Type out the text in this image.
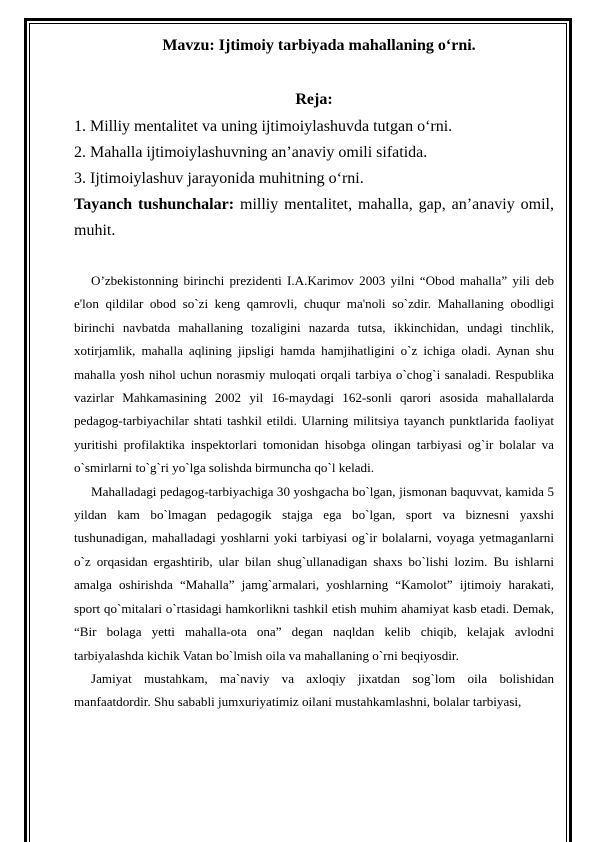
Mavzu: Ijtimoiy tarbiyada mahallaning o‘rni.

Reja:

1. Milliy mentalitet va uning ijtimoiylashuvda tutgan o‘rni.
2. Mahalla ijtimoiylashuvning an’anaviy omili sifatida.
3. Ijtimoiylashuv jarayonida muhitning o‘rni.

Tayanch tushunchalar: milliy mentalitet, mahalla, gap, an’anaviy omil, muhit.

O’zbekistonning birinchi prezidenti I.A.Karimov 2003 yilni “Obod mahalla” yili deb e'lon qildilar obod so`zi keng qamrovli, chuqur ma'noli so`zdir. Mahallaning obodligi birinchi navbatda mahallaning tozaligini nazarda tutsa, ikkinchidan, undagi tinchlik, xotirjamlik, mahalla aqlining jipsligi hamda hamjihatligini o`z ichiga oladi. Aynan shu mahalla yosh nihol uchun norasmiy muloqati orqali tarbiya o`chog`i sanaladi. Respublika vazirlar Mahkamasining 2002 yil 16-maydagi 162-sonli qarori asosida mahallalarda pedagog-tarbiyachilar shtati tashkil etildi. Ularning militsiya tayanch punktlarida faoliyat yuritishi profilaktika inspektorlari tomonidan hisobga olingan tarbiyasi og`ir bolalar va o`smirlarni to`g`ri yo`lga solishda birmuncha qo`l keladi.

Mahalladagi pedagog-tarbiyachiga 30 yoshgacha bo`lgan, jismonan baquvvat, kamida 5 yildan kam bo`lmagan pedagogik stajga ega bo`lgan, sport va biznesni yaxshi tushunadigan, mahalladagi yoshlarni yoki tarbiyasi og`ir bolalarni, voyaga yetmaganlarni o`z orqasidan ergashtirib, ular bilan shug`ullanadigan shaxs bo`lishi lozim. Bu ishlarni amalga oshirishda “Mahalla” jamg`armalari, yoshlarning “Kamolot” ijtimoiy harakati, sport qo`mitalari o`rtasidagi hamkorlikni tashkil etish muhim ahamiyat kasb etadi. Demak, “Bir bolaga yetti mahalla-ota ona” degan naqldan kelib chiqib, kelajak avlodni tarbiyalashda kichik Vatan bo`lmish oila va mahallaning o`rni beqiyosdir.

Jamiyat mustahkam, ma`naviy va axloqiy jixatdan sog`lom oila bolishidan manfaatdordir. Shu sababli jumxuriyatimiz oilani mustahkamlashni, bolalar tarbiyasi,
